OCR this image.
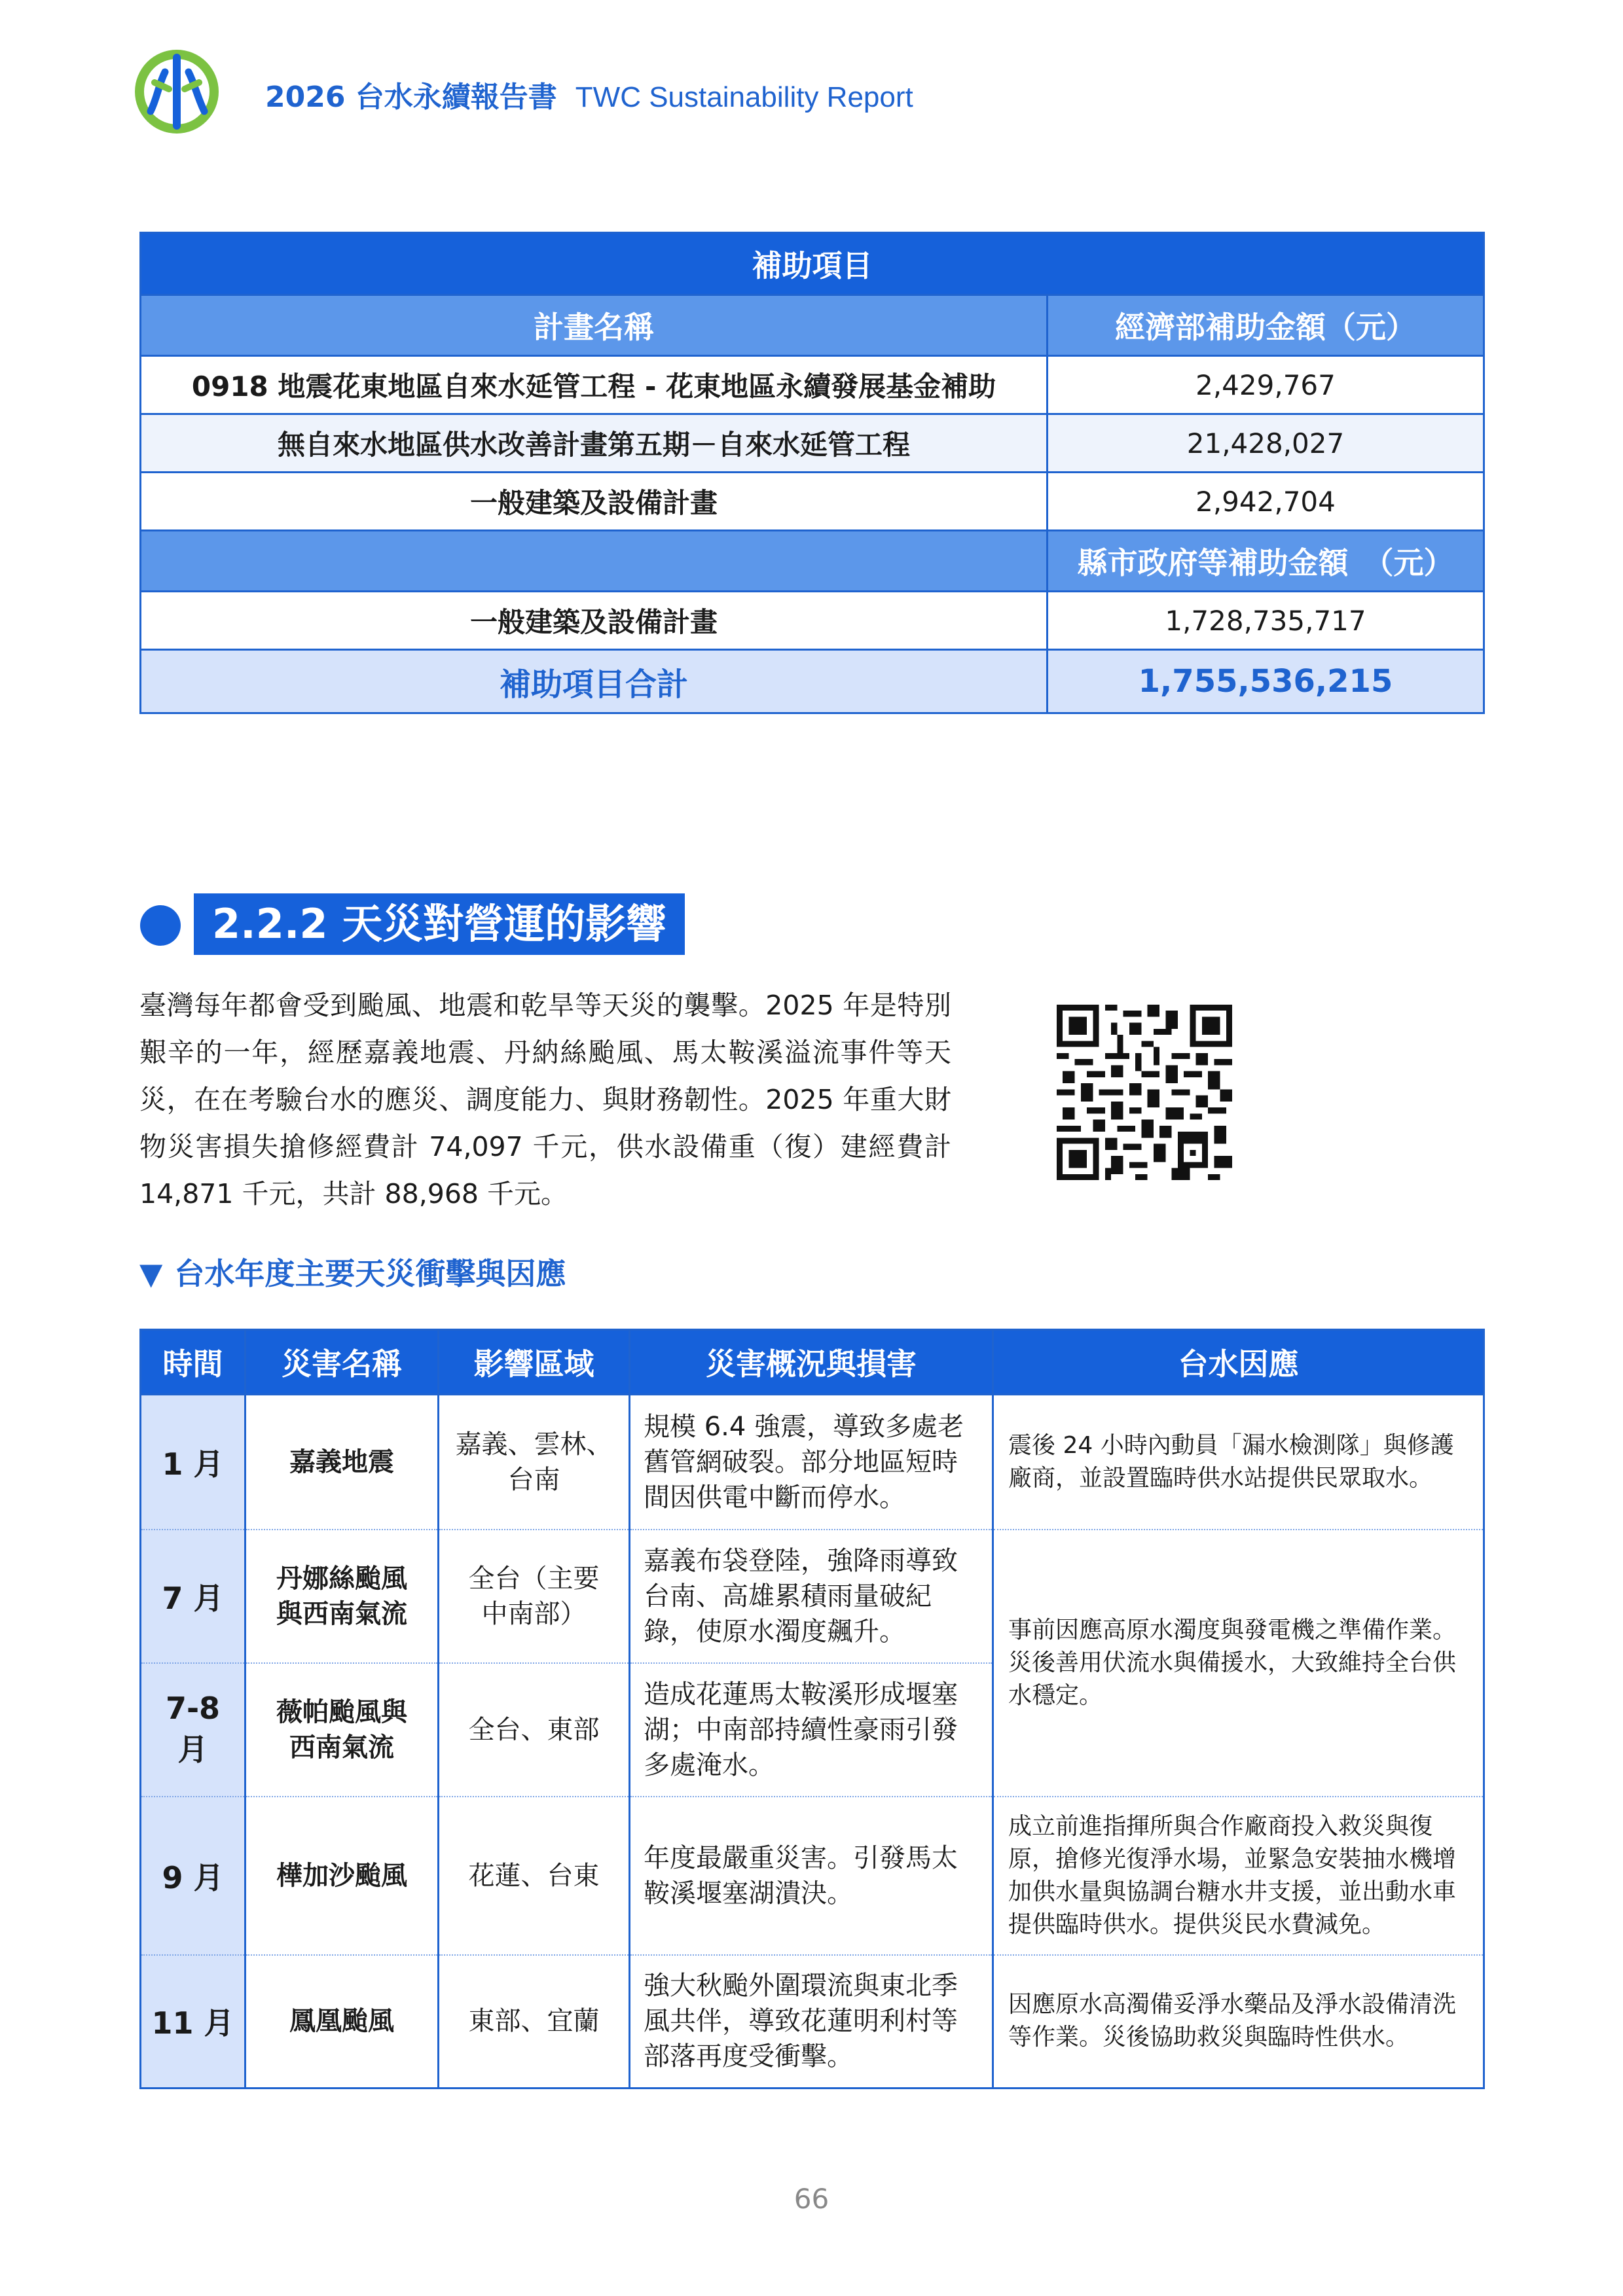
2026 台水永續報告書 TWC Sustainability Report
補助項目	
計畫名稱	經濟部補助金額（元）
0918 地震花東地區自來水延管工程 - 花東地區永續發展基金補助	2,429,767
無自來水地區供水改善計畫第五期－自來水延管工程	21,428,027
一般建築及設備計畫	2,942,704
	縣市政府等補助金額　（元）
一般建築及設備計畫	1,728,735,717
補助項目合計	1,755,536,215
2.2.2 天災對營運的影響
臺灣每年都會受到颱風、地震和乾旱等天災的襲擊。2025 年是特別艱辛的一年，經歷嘉義地震、丹納絲颱風、馬太鞍溪溢流事件等天災，在在考驗台水的應災、調度能力、與財務韌性。2025 年重大財物災害損失搶修經費計 74,097 千元，供水設備重（復）建經費計 14,871 千元，共計 88,968 千元。
▼ 台水年度主要天災衝擊與因應
時間	災害名稱	影響區域	災害概況與損害	台水因應
1 月	嘉義地震	嘉義、雲林、台南	規模 6.4 強震，導致多處老舊管網破裂。部分地區短時間因供電中斷而停水。	震後 24 小時內動員「漏水檢測隊」與修護廠商，並設置臨時供水站提供民眾取水。
7 月	丹娜絲颱風與西南氣流	全台（主要中南部）	嘉義布袋登陸，強降雨導致台南、高雄累積雨量破紀錄，使原水濁度飆升。	事前因應高原水濁度與發電機之準備作業。災後善用伏流水與備援水，大致維持全台供水穩定。
7-8 月	薇帕颱風與西南氣流	全台、東部	造成花蓮馬太鞍溪形成堰塞湖；中南部持續性豪雨引發多處淹水。	
9 月	樺加沙颱風	花蓮、台東	年度最嚴重災害。引發馬太鞍溪堰塞湖潰決。	成立前進指揮所與合作廠商投入救災與復原，搶修光復淨水場，並緊急安裝抽水機增加供水量與協調台糖水井支援，並出動水車提供臨時供水。提供災民水費減免。
11 月	鳳凰颱風	東部、宜蘭	強大秋颱外圍環流與東北季風共伴，導致花蓮明利村等部落再度受衝擊。	因應原水高濁備妥淨水藥品及淨水設備清洗等作業。災後協助救災與臨時性供水。
66
